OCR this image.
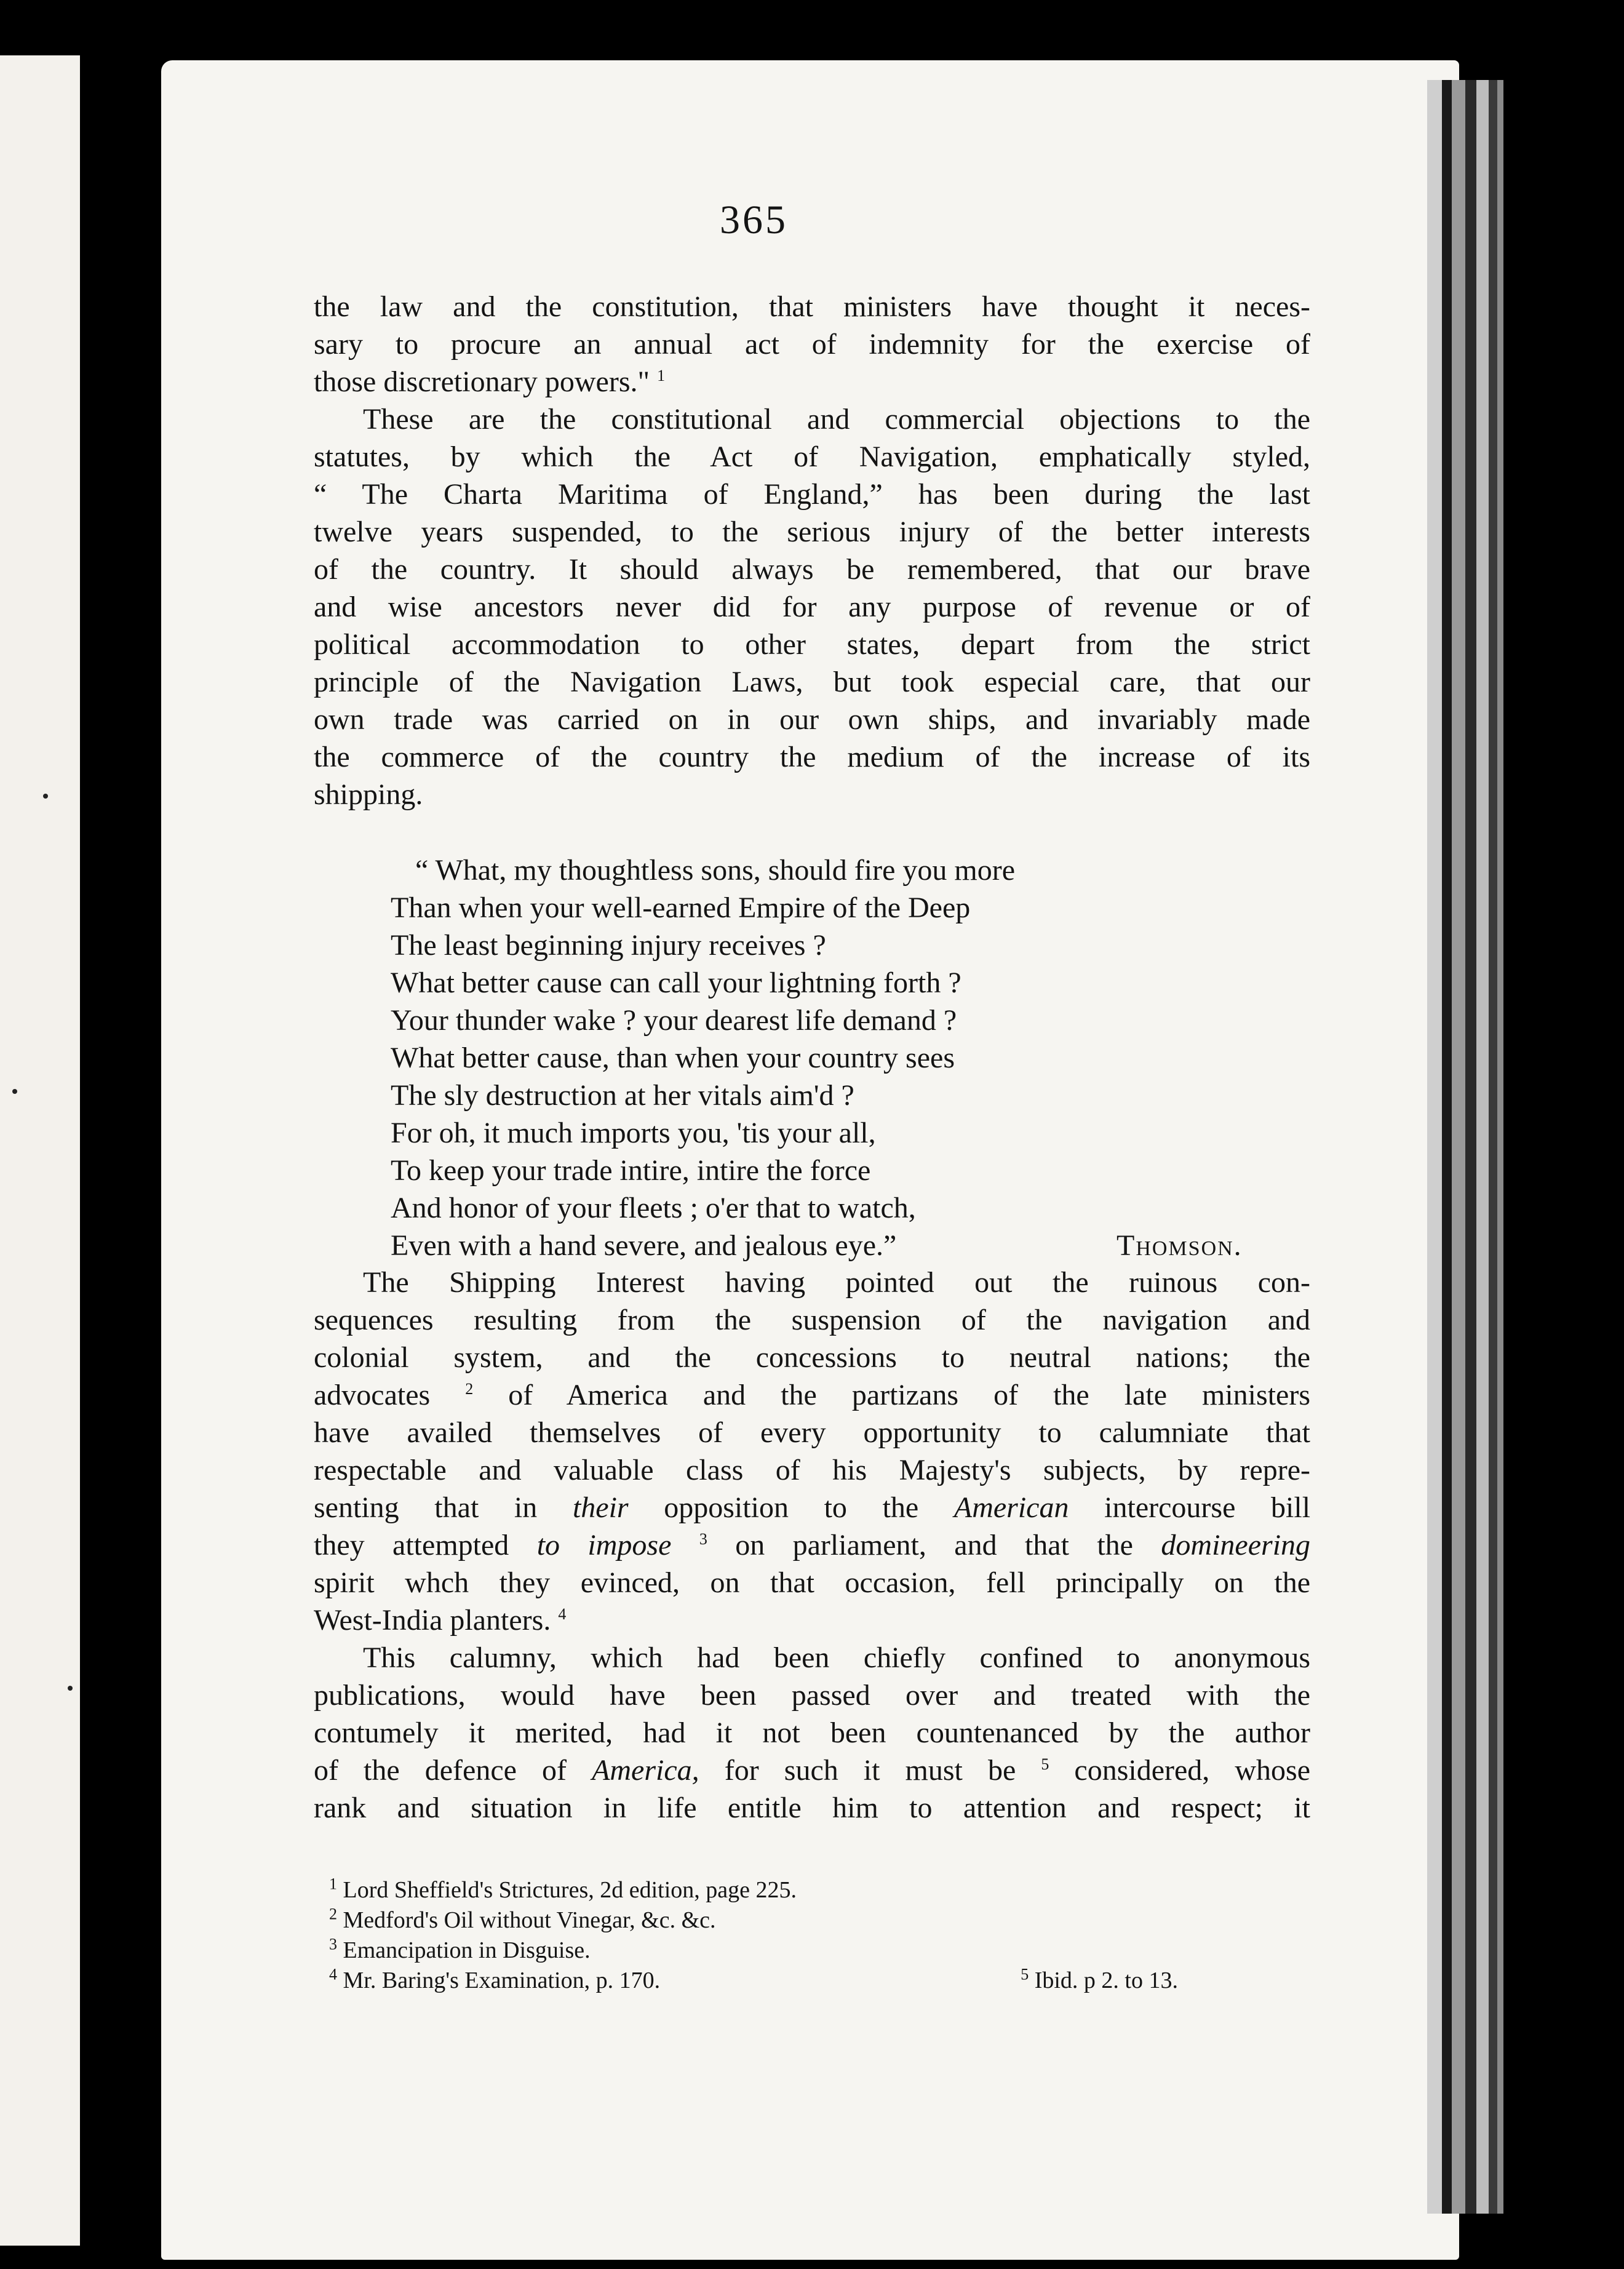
365
the law and the constitution, that ministers have thought it neces-
sary to procure an annual act of indemnity for the exercise of
those discretionary powers." $^1$
These are the constitutional and commercial objections to the
statutes, by which the Act of Navigation, emphatically styled,
“ The Charta Maritima of England,” has been during the last
twelve years suspended, to the serious injury of the better interests
of the country. It should always be remembered, that our brave
and wise ancestors never did for any purpose of revenue or of
political accommodation to other states, depart from the strict
principle of the Navigation Laws, but took especial care, that our
own trade was carried on in our own ships, and invariably made
the commerce of the country the medium of the increase of its
shipping.
“ What, my thoughtless sons, should fire you more
Than when your well-earned Empire of the Deep
The least beginning injury receives ?
What better cause can call your lightning forth ?
Your thunder wake ? your dearest life demand ?
What better cause, than when your country sees
The sly destruction at her vitals aim'd ?
For oh, it much imports you, 'tis your all,
To keep your trade intire, intire the force
And honor of your fleets ; o'er that to watch,
Even with a hand severe, and jealous eye.”	Thomson.
The Shipping Interest having pointed out the ruinous con-
sequences resulting from the suspension of the navigation and
colonial system, and the concessions to neutral nations; the
advocates $^2$ of America and the partizans of the late ministers
have availed themselves of every opportunity to calumniate that
respectable and valuable class of his Majesty's subjects, by repre-
senting that in their opposition to the American intercourse bill
they attempted to impose $^3$ on parliament, and that the domineering
spirit whch they evinced, on that occasion, fell principally on the
West-India planters. $^4$
This calumny, which had been chiefly confined to anonymous
publications, would have been passed over and treated with the
contumely it merited, had it not been countenanced by the author
of the defence of America, for such it must be $^5$ considered, whose
rank and situation in life entitle him to attention and respect; it
$^1$ Lord Sheffield's Strictures, 2d edition, page 225.
$^2$ Medford's Oil without Vinegar, &c. &c.
$^3$ Emancipation in Disguise.
$^4$ Mr. Baring's Examination, p. 170.	$^5$ Ibid. p 2. to 13.
